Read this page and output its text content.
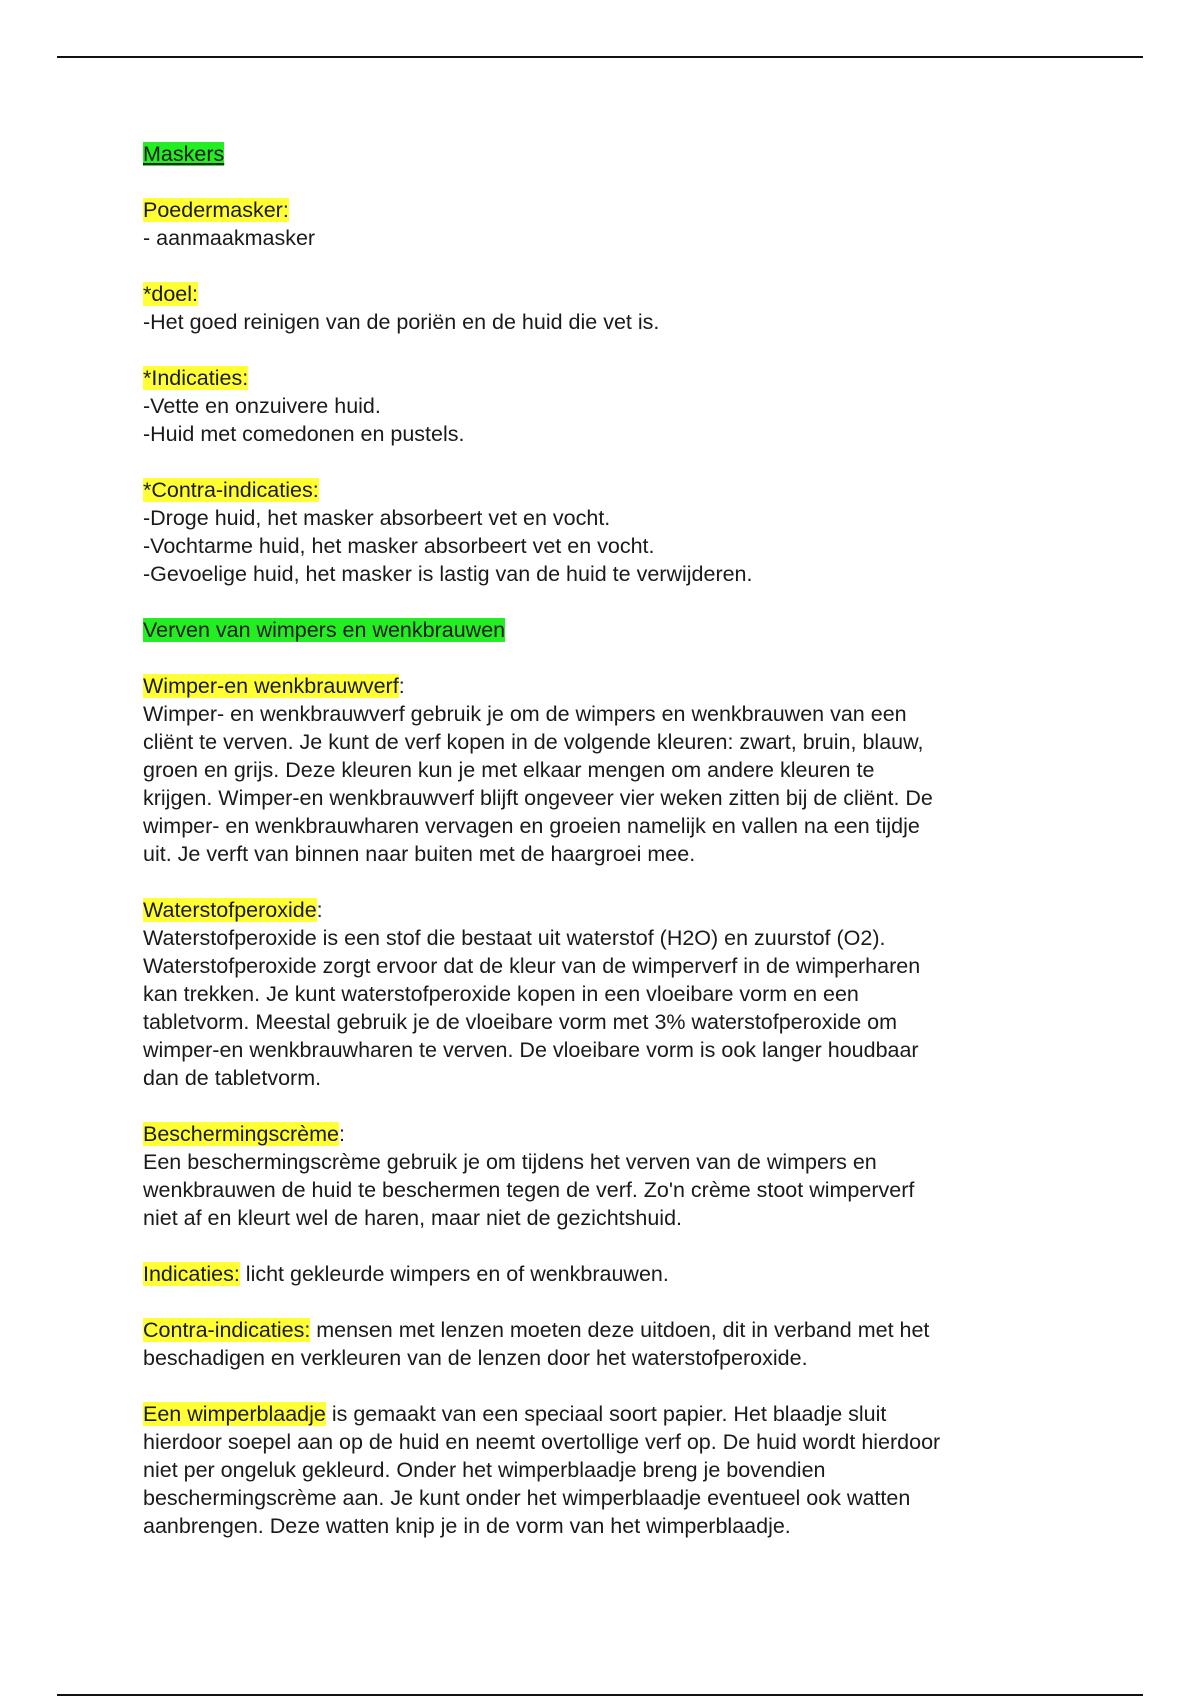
Maskers

Poedermasker:

- aanmaakmasker

*doel:

-Het goed reinigen van de poriën en de huid die vet is.

*Indicaties:

-Vette en onzuivere huid.

-Huid met comedonen en pustels.

*Contra-indicaties:

-Droge huid, het masker absorbeert vet en vocht.

-Vochtarme huid, het masker absorbeert vet en vocht.

-Gevoelige huid, het masker is lastig van de huid te verwijderen.

Verven van wimpers en wenkbrauwen

Wimper-en wenkbrauwverf:

Wimper- en wenkbrauwverf gebruik je om de wimpers en wenkbrauwen van een

cliënt te verven. Je kunt de verf kopen in de volgende kleuren: zwart, bruin, blauw,

groen en grijs. Deze kleuren kun je met elkaar mengen om andere kleuren te

krijgen. Wimper-en wenkbrauwverf blijft ongeveer vier weken zitten bij de cliënt. De

wimper- en wenkbrauwharen vervagen en groeien namelijk en vallen na een tijdje

uit. Je verft van binnen naar buiten met de haargroei mee.

Waterstofperoxide:

Waterstofperoxide is een stof die bestaat uit waterstof (H2O) en zuurstof (O2).

Waterstofperoxide zorgt ervoor dat de kleur van de wimperverf in de wimperharen

kan trekken. Je kunt waterstofperoxide kopen in een vloeibare vorm en een

tabletvorm. Meestal gebruik je de vloeibare vorm met 3% waterstofperoxide om

wimper-en wenkbrauwharen te verven. De vloeibare vorm is ook langer houdbaar

dan de tabletvorm.

Beschermingscrème:

Een beschermingscrème gebruik je om tijdens het verven van de wimpers en

wenkbrauwen de huid te beschermen tegen de verf. Zo'n crème stoot wimperverf

niet af en kleurt wel de haren, maar niet de gezichtshuid.

Indicaties: licht gekleurde wimpers en of wenkbrauwen.

Contra-indicaties: mensen met lenzen moeten deze uitdoen, dit in verband met het

beschadigen en verkleuren van de lenzen door het waterstofperoxide.

Een wimperblaadje is gemaakt van een speciaal soort papier. Het blaadje sluit

hierdoor soepel aan op de huid en neemt overtollige verf op. De huid wordt hierdoor

niet per ongeluk gekleurd. Onder het wimperblaadje breng je bovendien

beschermingscrème aan. Je kunt onder het wimperblaadje eventueel ook watten

aanbrengen. Deze watten knip je in de vorm van het wimperblaadje.
